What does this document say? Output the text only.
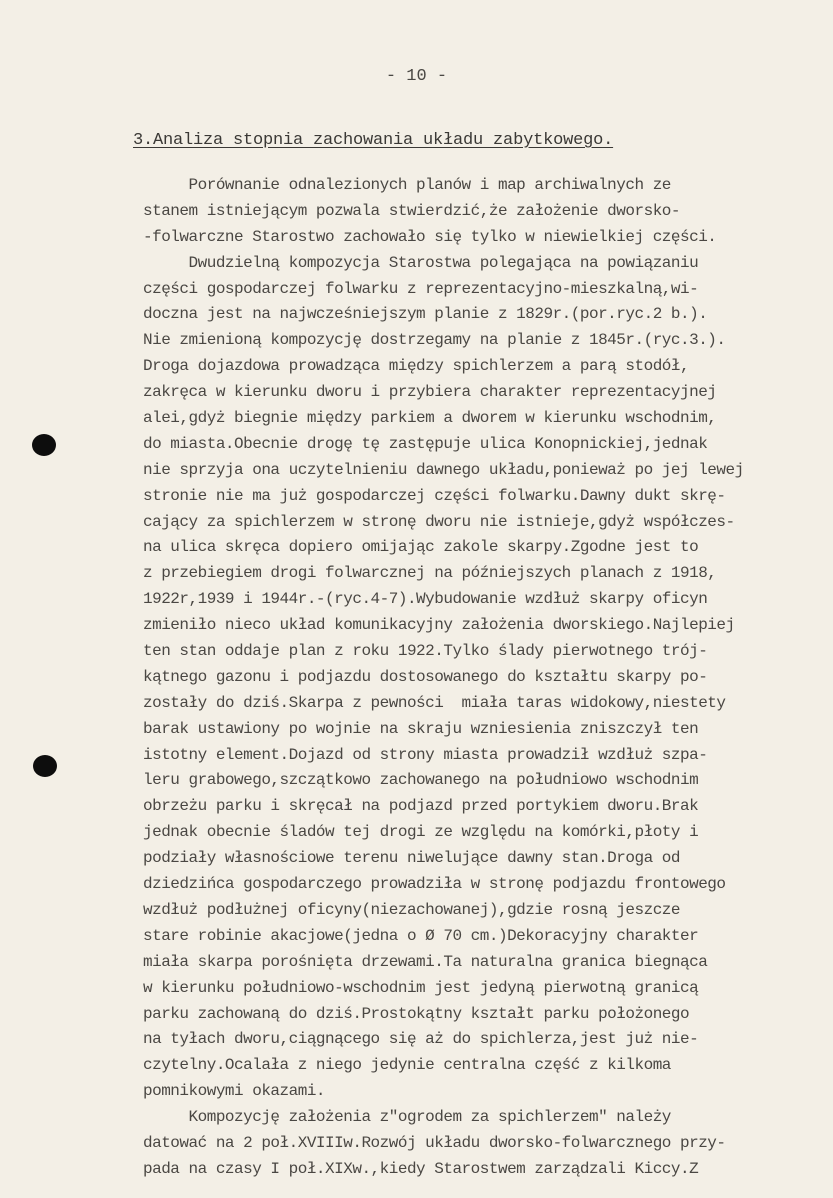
- 10 -
3.Analiza stopnia zachowania układu zabytkowego.
Porównanie odnalezionych planów i map archiwalnych ze
stanem istniejącym pozwala stwierdzić,że założenie dworsko-
-folwarczne Starostwo zachowało się tylko w niewielkiej części.
Dwudzielną kompozycja Starostwa polegająca na powiązaniu
części gospodarczej folwarku z reprezentacyjno-mieszkalną,wi-
doczna jest na najwcześniejszym planie z 1829r.(por.ryc.2 b.).
Nie zmienioną kompozycję dostrzegamy na planie z 1845r.(ryc.3.).
Droga dojazdowa prowadząca między spichlerzem a parą stodół,
zakręca w kierunku dworu i przybiera charakter reprezentacyjnej
alei,gdyż biegnie między parkiem a dworem w kierunku wschodnim,
do miasta.Obecnie drogę tę zastępuje ulica Konopnickiej,jednak
nie sprzyja ona uczytelnieniu dawnego układu,ponieważ po jej lewej
stronie nie ma już gospodarczej części folwarku.Dawny dukt skrę-
cający za spichlerzem w stronę dworu nie istnieje,gdyż współczes-
na ulica skręca dopiero omijając zakole skarpy.Zgodne jest to
z przebiegiem drogi folwarcznej na późniejszych planach z 1918,
1922r,1939 i 1944r.-(ryc.4-7).Wybudowanie wzdłuż skarpy oficyn
zmieniło nieco układ komunikacyjny założenia dworskiego.Najlepiej
ten stan oddaje plan z roku 1922.Tylko ślady pierwotnego trój-
kątnego gazonu i podjazdu dostosowanego do kształtu skarpy po-
zostały do dziś.Skarpa z pewności  miała taras widokowy,niestety
barak ustawiony po wojnie na skraju wzniesienia zniszczył ten
istotny element.Dojazd od strony miasta prowadził wzdłuż szpa-
leru grabowego,szczątkowo zachowanego na południowo wschodnim
obrzeżu parku i skręcał na podjazd przed portykiem dworu.Brak
jednak obecnie śladów tej drogi ze względu na komórki,płoty i
podziały własnościowe terenu niwelujące dawny stan.Droga od
dziedzińca gospodarczego prowadziła w stronę podjazdu frontowego
wzdłuż podłużnej oficyny(niezachowanej),gdzie rosną jeszcze
stare robinie akacjowe(jedna o Ø 70 cm.)Dekoracyjny charakter
miała skarpa porośnięta drzewami.Ta naturalna granica biegnąca
w kierunku południowo-wschodnim jest jedyną pierwotną granicą
parku zachowaną do dziś.Prostokątny kształt parku położonego
na tyłach dworu,ciągnącego się aż do spichlerza,jest już nie-
czytelny.Ocalała z niego jedynie centralna część z kilkoma
pomnikowymi okazami.
Kompozycję założenia z"ogrodem za spichlerzem" należy
datować na 2 poł.XVIIIw.Rozwój układu dworsko-folwarcznego przy-
pada na czasy I poł.XIXw.,kiedy Starostwem zarządzali Kiccy.Z
